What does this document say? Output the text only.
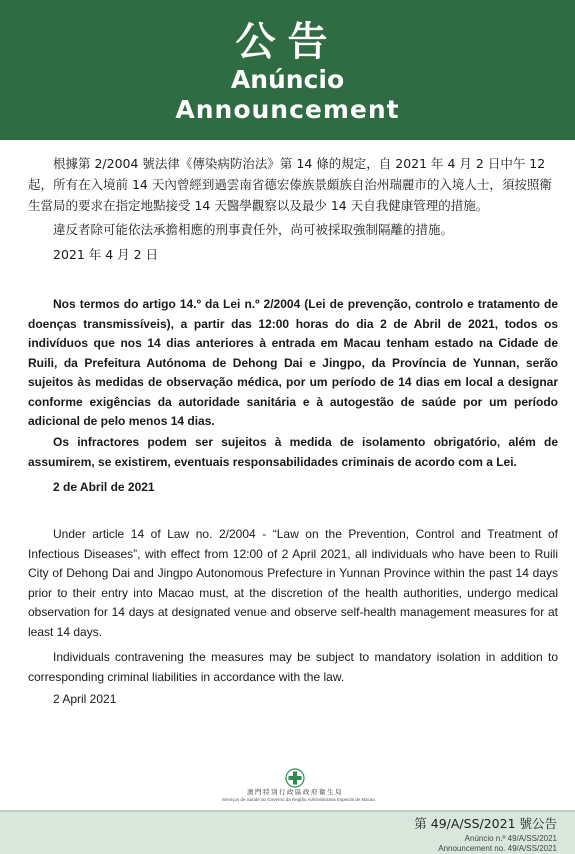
公告
Anúncio
Announcement

根據第 2/2004 號法律《傳染病防治法》第 14 條的規定，自 2021 年 4 月 2 日中午 12 起，所有在入境前 14 天內曾經到過雲南省德宏傣族景頗族自治州瑞麗市的入境人士，須按照衛生當局的要求在指定地點接受 14 天醫學觀察以及最少 14 天自我健康管理的措施。

違反者除可能依法承擔相應的刑事責任外，尚可被採取強制隔離的措施。

2021 年 4 月 2 日

Nos termos do artigo 14.º da Lei n.º 2/2004 (Lei de prevenção, controlo e tratamento de doenças transmissíveis), a partir das 12:00 horas do dia 2 de Abril de 2021, todos os indivíduos que nos 14 dias anteriores à entrada em Macau tenham estado na Cidade de Ruili, da Prefeitura Autónoma de Dehong Dai e Jingpo, da Província de Yunnan, serão sujeitos às medidas de observação médica, por um período de 14 dias em local a designar conforme exigências da autoridade sanitária e à autogestão de saúde por um período adicional de pelo menos 14 dias.

Os infractores podem ser sujeitos à medida de isolamento obrigatório, além de assumirem, se existirem, eventuais responsabilidades criminais de acordo com a Lei.

2 de Abril de 2021

Under article 14 of Law no. 2/2004 - “Law on the Prevention, Control and Treatment of Infectious Diseases”, with effect from 12:00 of 2 April 2021, all individuals who have been to Ruili City of Dehong Dai and Jingpo Autonomous Prefecture in Yunnan Province within the past 14 days prior to their entry into Macao must, at the discretion of the health authorities, undergo medical observation for 14 days at designated venue and observe self-health management measures for at least 14 days.

Individuals contravening the measures may be subject to mandatory isolation in addition to corresponding criminal liabilities in accordance with the law.

2 April 2021

澳門特別行政區政府衛生局
Serviços de Saúde do Governo da Região Administrativa Especial de Macau
第 49/A/SS/2021 號公告
Anúncio n.º 49/A/SS/2021
Announcement no. 49/A/SS/2021
